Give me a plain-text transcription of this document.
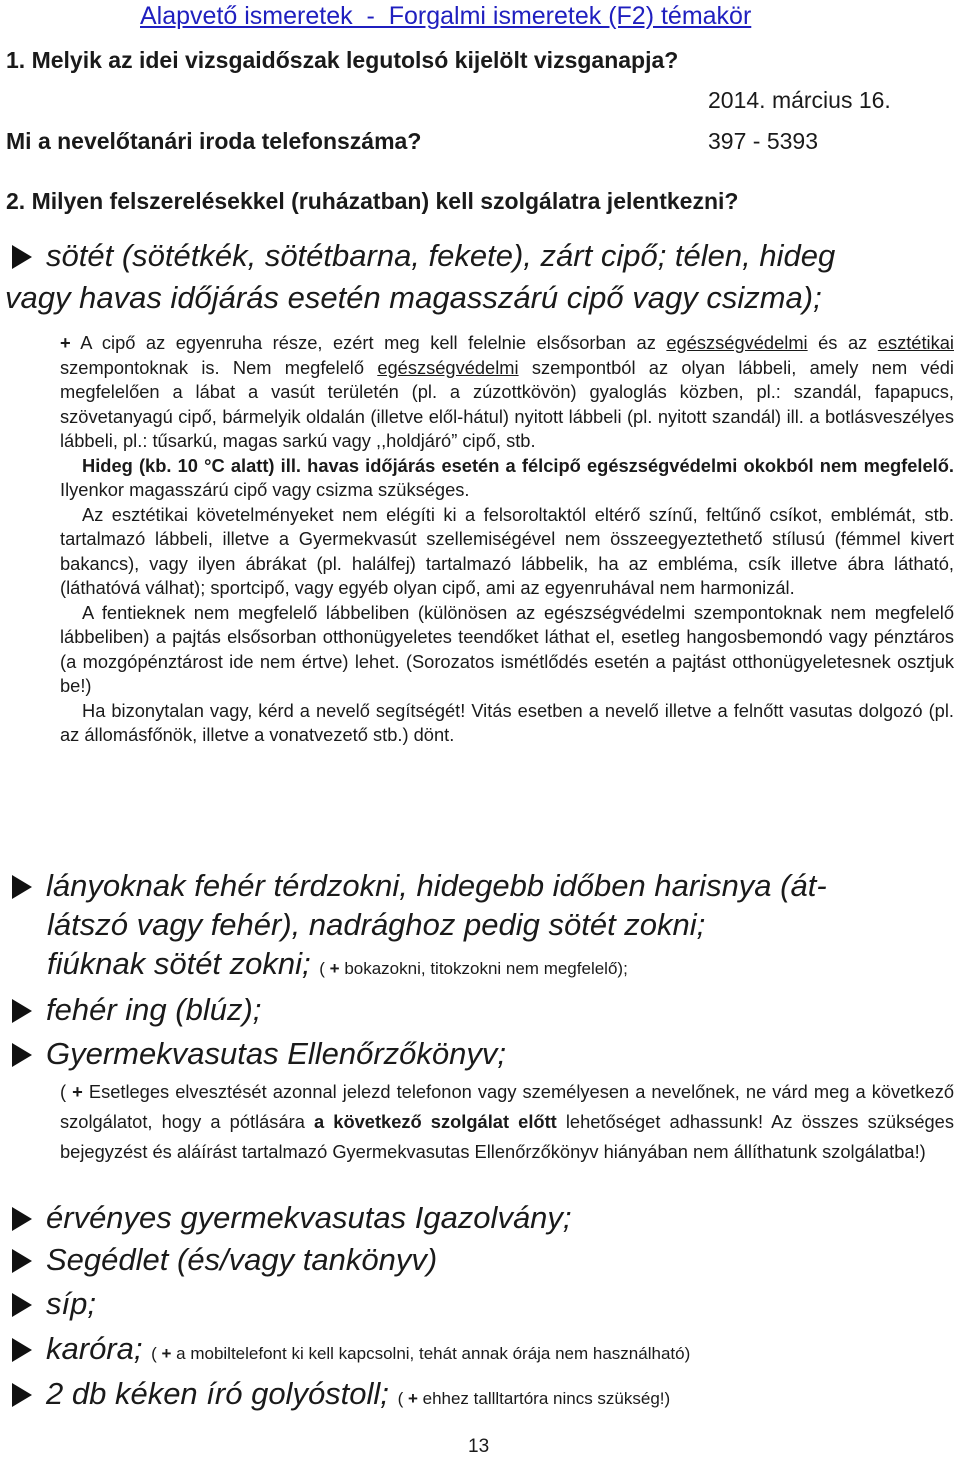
Alapvető ismeretek  -  Forgalmi ismeretek (F2) témakör
1. Melyik az idei vizsgaidőszak legutolsó kijelölt vizsganapja?
2014. március 16.
Mi a nevelőtanári iroda telefonszáma?	397 - 5393
2. Milyen felszerelésekkel (ruházatban) kell szolgálatra jelentkezni?
sötét (sötétkék, sötétbarna, fekete), zárt cipő; télen, hideg
vagy havas időjárás esetén magasszárú cipő vagy csizma);

+ A cipő az egyenruha része, ezért meg kell felelnie elsősorban az egészségvédelmi és az esztétikai szempontoknak is. Nem megfelelő egészségvédelmi szempontból az olyan lábbeli, amely nem védi megfelelően a lábat a vasút területén (pl. a zúzottkövön) gyaloglás közben, pl.: szandál, fapapucs, szövetanyagú cipő, bármelyik oldalán (illetve elől-hátul) nyitott lábbeli (pl. nyitott szandál) ill. a botlásveszélyes lábbeli, pl.: tűsarkú, magas sarkú vagy ,,holdjáró” cipő, stb.
Hideg (kb. 10 °C alatt) ill. havas időjárás esetén a félcipő egészségvédelmi okokból nem megfelelő. Ilyenkor magasszárú cipő vagy csizma szükséges.
Az esztétikai követelményeket nem elégíti ki a felsoroltaktól eltérő színű, feltűnő csíkot, emblémát, stb. tartalmazó lábbeli, illetve a Gyermekvasút szellemiségével nem összeegyeztethető stílusú (fémmel kivert bakancs), vagy ilyen ábrákat (pl. halálfej) tartalmazó lábbelik, ha az embléma, csík illetve ábra látható, (láthatóvá válhat); sportcipő, vagy egyéb olyan cipő, ami az egyenruhával nem harmonizál.
A fentieknek nem megfelelő lábbeliben (különösen az egészségvédelmi szempontoknak nem megfelelő lábbeliben) a pajtás elsősorban otthonügyeletes teendőket láthat el, esetleg hangosbemondó vagy pénztáros (a mozgópénztárost ide nem értve) lehet. (Sorozatos ismétlődés esetén a pajtást otthonügyeletesnek osztjuk be!)
Ha bizonytalan vagy, kérd a nevelő segítségét! Vitás esetben a nevelő illetve a felnőtt vasutas dolgozó (pl. az állomásfőnök, illetve a vonatvezető stb.) dönt.

lányoknak fehér térdzokni, hidegebb időben harisnya (át-
látszó vagy fehér), nadrághoz pedig sötét zokni;
fiúknak sötét zokni; ( + bokazokni, titokzokni nem megfelelő);
fehér ing (blúz);
Gyermekvasutas Ellenőrzőkönyv;

( + Esetleges elvesztését azonnal jelezd telefonon vagy személyesen a nevelőnek, ne várd meg a következő szolgálatot, hogy a pótlására a következő szolgálat előtt lehetőséget adhassunk! Az összes szükséges bejegyzést és aláírást tartalmazó Gyermekvasutas Ellenőrzőkönyv hiányában nem állíthatunk szolgálatba!)

érvényes gyermekvasutas Igazolvány;
Segédlet (és/vagy tankönyv)
síp;
karóra; ( + a mobiltelefont ki kell kapcsolni, tehát annak órája nem használható)
2 db kéken író golyóstoll; ( + ehhez tallltartóra nincs szükség!)
13
